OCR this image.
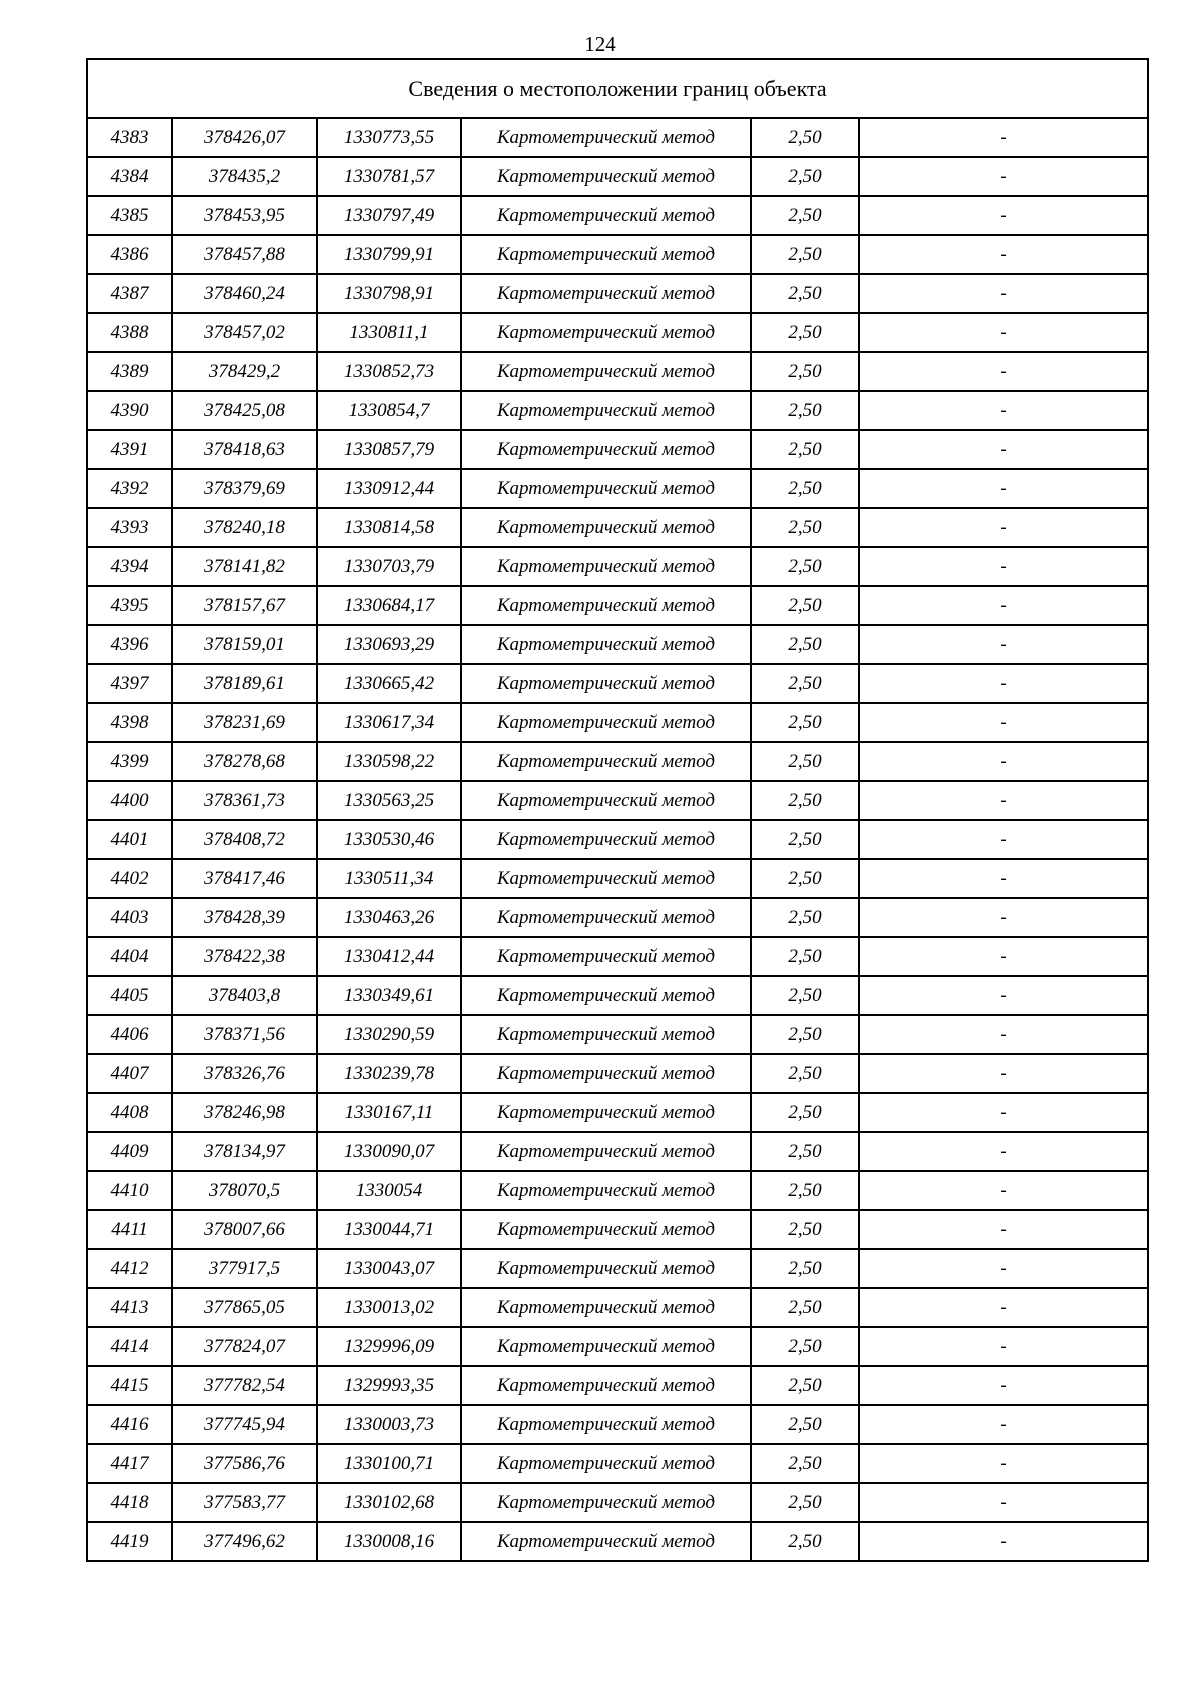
124
Сведения о местоположении границ объекта					
4383	378426,07	1330773,55	Картометрический метод	2,50	-
4384	378435,2	1330781,57	Картометрический метод	2,50	-
4385	378453,95	1330797,49	Картометрический метод	2,50	-
4386	378457,88	1330799,91	Картометрический метод	2,50	-
4387	378460,24	1330798,91	Картометрический метод	2,50	-
4388	378457,02	1330811,1	Картометрический метод	2,50	-
4389	378429,2	1330852,73	Картометрический метод	2,50	-
4390	378425,08	1330854,7	Картометрический метод	2,50	-
4391	378418,63	1330857,79	Картометрический метод	2,50	-
4392	378379,69	1330912,44	Картометрический метод	2,50	-
4393	378240,18	1330814,58	Картометрический метод	2,50	-
4394	378141,82	1330703,79	Картометрический метод	2,50	-
4395	378157,67	1330684,17	Картометрический метод	2,50	-
4396	378159,01	1330693,29	Картометрический метод	2,50	-
4397	378189,61	1330665,42	Картометрический метод	2,50	-
4398	378231,69	1330617,34	Картометрический метод	2,50	-
4399	378278,68	1330598,22	Картометрический метод	2,50	-
4400	378361,73	1330563,25	Картометрический метод	2,50	-
4401	378408,72	1330530,46	Картометрический метод	2,50	-
4402	378417,46	1330511,34	Картометрический метод	2,50	-
4403	378428,39	1330463,26	Картометрический метод	2,50	-
4404	378422,38	1330412,44	Картометрический метод	2,50	-
4405	378403,8	1330349,61	Картометрический метод	2,50	-
4406	378371,56	1330290,59	Картометрический метод	2,50	-
4407	378326,76	1330239,78	Картометрический метод	2,50	-
4408	378246,98	1330167,11	Картометрический метод	2,50	-
4409	378134,97	1330090,07	Картометрический метод	2,50	-
4410	378070,5	1330054	Картометрический метод	2,50	-
4411	378007,66	1330044,71	Картометрический метод	2,50	-
4412	377917,5	1330043,07	Картометрический метод	2,50	-
4413	377865,05	1330013,02	Картометрический метод	2,50	-
4414	377824,07	1329996,09	Картометрический метод	2,50	-
4415	377782,54	1329993,35	Картометрический метод	2,50	-
4416	377745,94	1330003,73	Картометрический метод	2,50	-
4417	377586,76	1330100,71	Картометрический метод	2,50	-
4418	377583,77	1330102,68	Картометрический метод	2,50	-
4419	377496,62	1330008,16	Картометрический метод	2,50	-
